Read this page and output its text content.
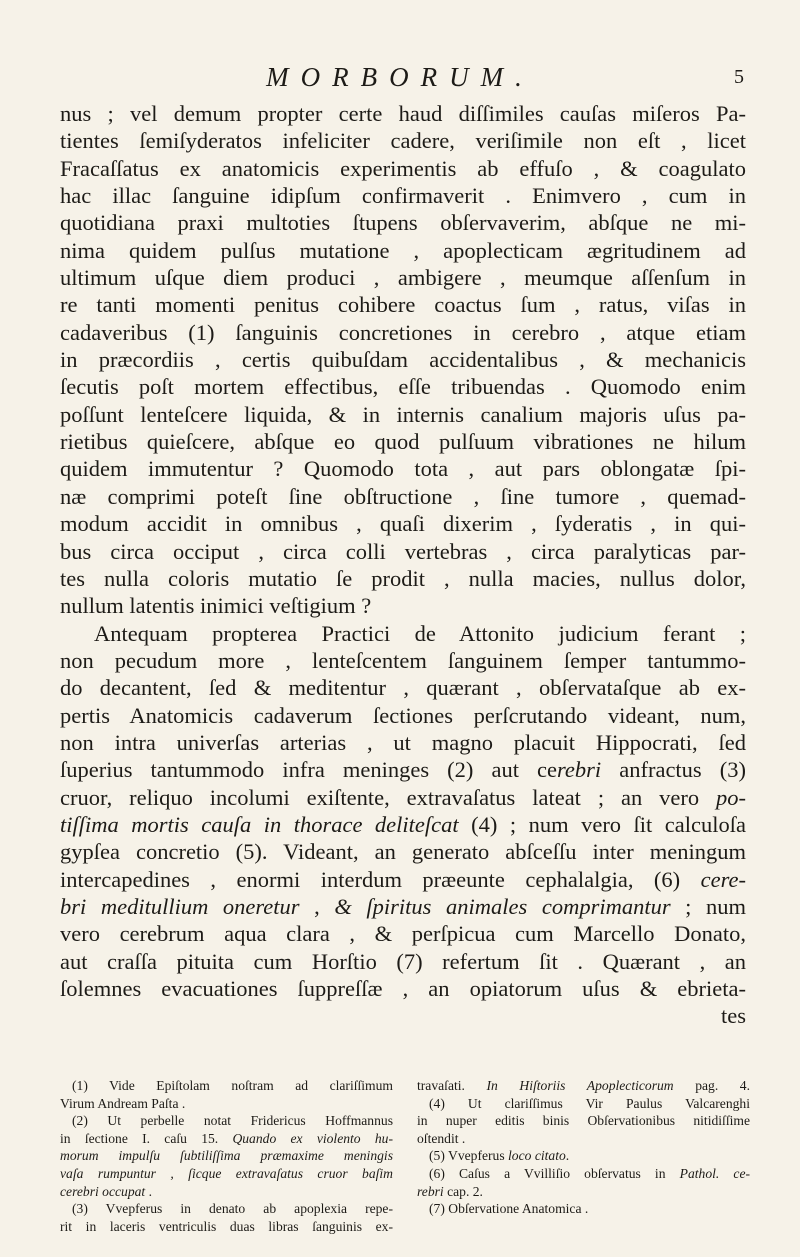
MORBORUM.	5
nus ; vel demum propter certe haud diſſimiles cauſas miſeros Pa-
tientes ſemiſyderatos infeliciter cadere, veriſimile non eſt , licet
Fracaſſatus ex anatomicis experimentis ab effuſo , & coagulato
hac illac ſanguine idipſum confirmaverit . Enimvero , cum in
quotidiana praxi multoties ſtupens obſervaverim, abſque ne mi-
nima quidem pulſus mutatione , apoplecticam ægritudinem ad
ultimum uſque diem produci , ambigere , meumque aſſenſum in
re tanti momenti penitus cohibere coactus ſum , ratus, viſas in
cadaveribus (1) ſanguinis concretiones in cerebro , atque etiam
in præcordiis , certis quibuſdam accidentalibus , & mechanicis
ſecutis poſt mortem effectibus, eſſe tribuendas . Quomodo enim
poſſunt lenteſcere liquida, & in internis canalium majoris uſus pa-
rietibus quieſcere, abſque eo quod pulſuum vibrationes ne hilum
quidem immutentur ? Quomodo tota , aut pars oblongatæ ſpi-
næ comprimi poteſt ſine obſtructione , ſine tumore , quemad-
modum accidit in omnibus , quaſi dixerim , ſyderatis , in qui-
bus circa occiput , circa colli vertebras , circa paralyticas par-
tes nulla coloris mutatio ſe prodit , nulla macies, nullus dolor,
nullum latentis inimici veſtigium ?
Antequam propterea Practici de Attonito judicium ferant ;
non pecudum more , lenteſcentem ſanguinem ſemper tantummo-
do decantent, ſed & meditentur , quærant , obſervataſque ab ex-
pertis Anatomicis cadaverum ſectiones perſcrutando videant, num,
non intra univerſas arterias , ut magno placuit Hippocrati, ſed
ſuperius tantummodo infra meninges (2) aut cerebri anfractus (3)
cruor, reliquo incolumi exiſtente, extravaſatus lateat ; an vero po-
tiſſima mortis cauſa in thorace deliteſcat (4) ; num vero ſit calculoſa
gypſea concretio (5). Videant, an generato abſceſſu inter meningum
intercapedines , enormi interdum præeunte cephalalgia, (6) cere-
bri meditullium oneretur , & ſpiritus animales comprimantur ; num
vero cerebrum aqua clara , & perſpicua cum Marcello Donato,
aut craſſa pituita cum Horſtio (7) refertum ſit . Quærant , an
ſolemnes evacuationes ſuppreſſæ , an opiatorum uſus & ebrieta-
tes
(1) Vide Epiſtolam noſtram ad clariſſimum
Virum Andream Paſta .
(2) Ut perbelle notat Fridericus Hoffmannus
in ſectione I. caſu 15. Quando ex violento hu-
morum impulſu ſubtiliſſima præmaxime meningis
vaſa rumpuntur , ſicque extravaſatus cruor baſim
cerebri occupat .
(3) Vvepferus in denato ab apoplexia repe-
rit in laceris ventriculis duas libras ſanguinis ex-
travaſati. In Hiſtoriis Apoplecticorum pag. 4.
(4) Ut clariſſimus Vir Paulus Valcarenghi
in nuper editis binis Obſervationibus nitidiſſime
oſtendit .
(5) Vvepferus loco citato.
(6) Caſus a Vvilliſio obſervatus in Pathol. ce-
rebri cap. 2.
(7) Obſervatione Anatomica .
